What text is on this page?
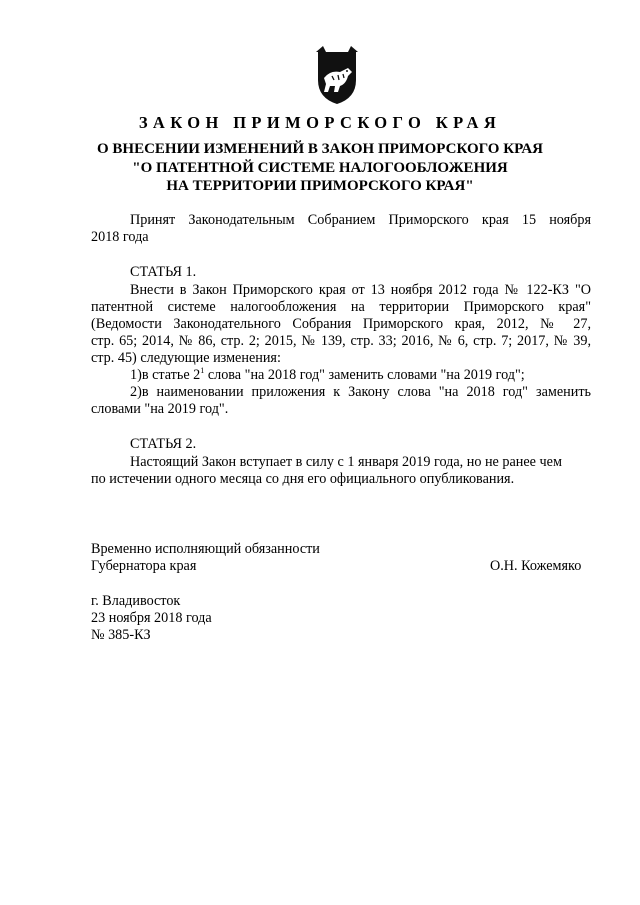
ЗАКОН ПРИМОРСКОГО КРАЯ
О ВНЕСЕНИИ ИЗМЕНЕНИЙ В ЗАКОН ПРИМОРСКОГО КРАЯ
"О ПАТЕНТНОЙ СИСТЕМЕ НАЛОГООБЛОЖЕНИЯ
НА ТЕРРИТОРИИ ПРИМОРСКОГО КРАЯ"
Принят Законодательным Собранием Приморского края 15 ноября
2018 года
СТАТЬЯ 1.
Внести в Закон Приморского края от 13 ноября 2012 года № 122-КЗ "О
патентной системе налогообложения на территории Приморского края"
(Ведомости Законодательного Собрания Приморского края, 2012, № 27,
стр. 65; 2014, № 86, стр. 2; 2015, № 139, стр. 33; 2016, № 6, стр. 7; 2017, № 39,
стр. 45) следующие изменения:
1)в статье $2^1$ слова "на 2018 год" заменить словами "на 2019 год";
2)в наименовании приложения к Закону слова "на 2018 год" заменить
словами "на 2019 год".
СТАТЬЯ 2.
Настоящий Закон вступает в силу с 1 января 2019 года, но не ранее чем
по истечении одного месяца со дня его официального опубликования.
Временно исполняющий обязанности
Губернатора края	О.Н. Кожемяко
г. Владивосток
23 ноября 2018 года
№ 385-КЗ
